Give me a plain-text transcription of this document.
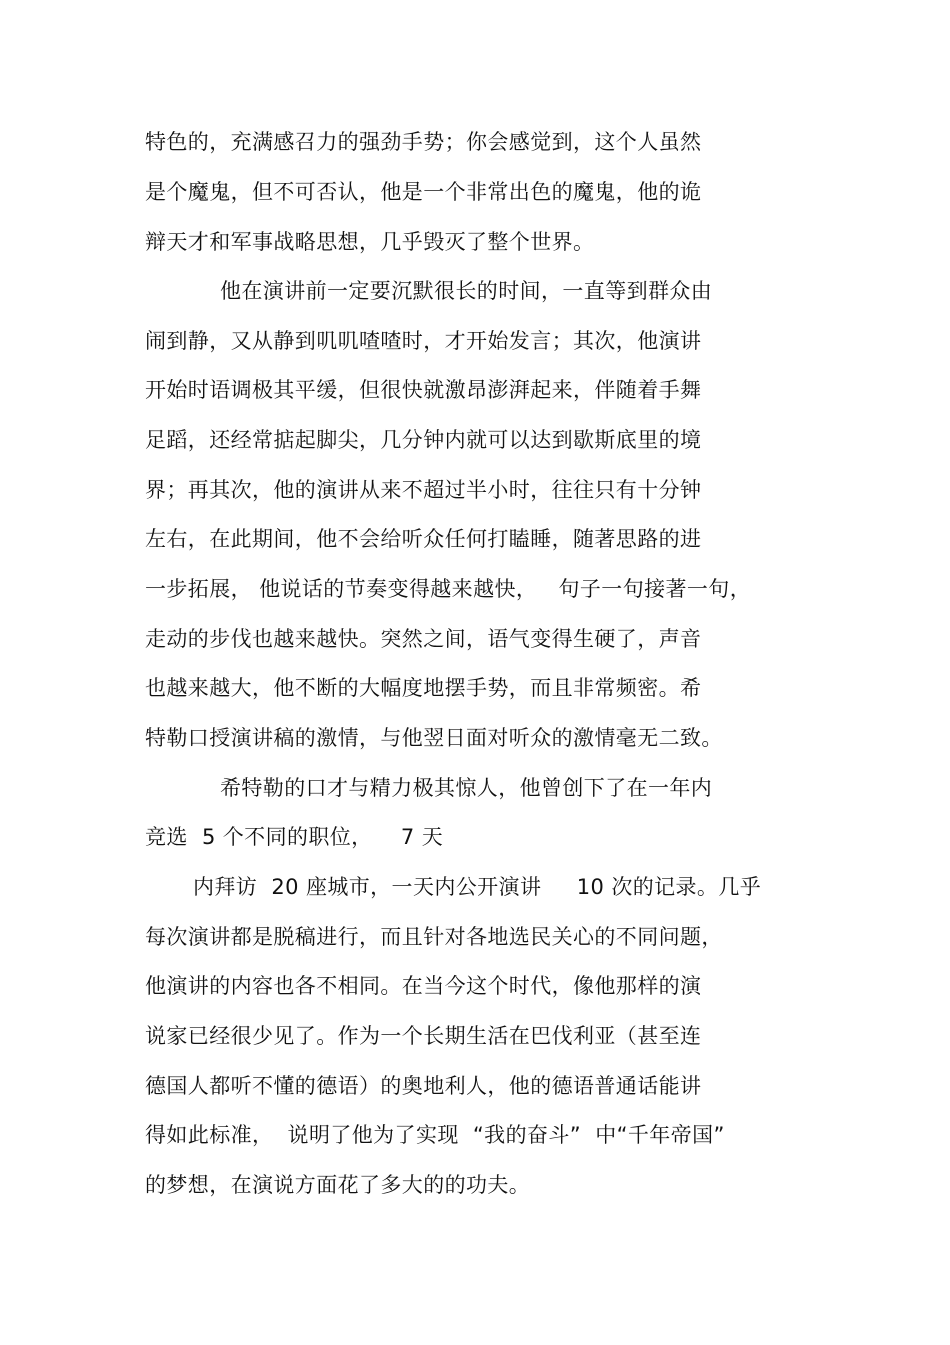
特色的，充满感召力的强劲手势；你会感觉到，这个人虽然
是个魔鬼，但不可否认，他是一个非常出色的魔鬼，他的诡
辩天才和军事战略思想，几乎毁灭了整个世界。
他在演讲前一定要沉默很长的时间，一直等到群众由
闹到静，又从静到叽叽喳喳时，才开始发言；其次，他演讲
开始时语调极其平缓，但很快就激昂澎湃起来，伴随着手舞
足蹈，还经常掂起脚尖，几分钟内就可以达到歇斯底里的境
界；再其次，他的演讲从来不超过半小时，往往只有十分钟
左右，在此期间，他不会给听众任何打瞌睡，随著思路的进
一步拓展， 他说话的节奏变得越来越快，   句子一句接著一句，
走动的步伐也越来越快。突然之间，语气变得生硬了，声音
也越来越大，他不断的大幅度地摆手势，而且非常频密。希
特勒口授演讲稿的激情，与他翌日面对听众的激情毫无二致。
希特勒的口才与精力极其惊人，他曾创下了在一年内
竞选  5 个不同的职位，    7 天
内拜访  20 座城市，一天内公开演讲     10 次的记录。几乎
每次演讲都是脱稿进行，而且针对各地选民关心的不同问题，
他演讲的内容也各不相同。在当今这个时代，像他那样的演
说家已经很少见了。作为一个长期生活在巴伐利亚（甚至连
德国人都听不懂的德语）的奥地利人，他的德语普通话能讲
得如此标准，  说明了他为了实现  “我的奋斗”  中“千年帝国”
的梦想，在演说方面花了多大的的功夫。
